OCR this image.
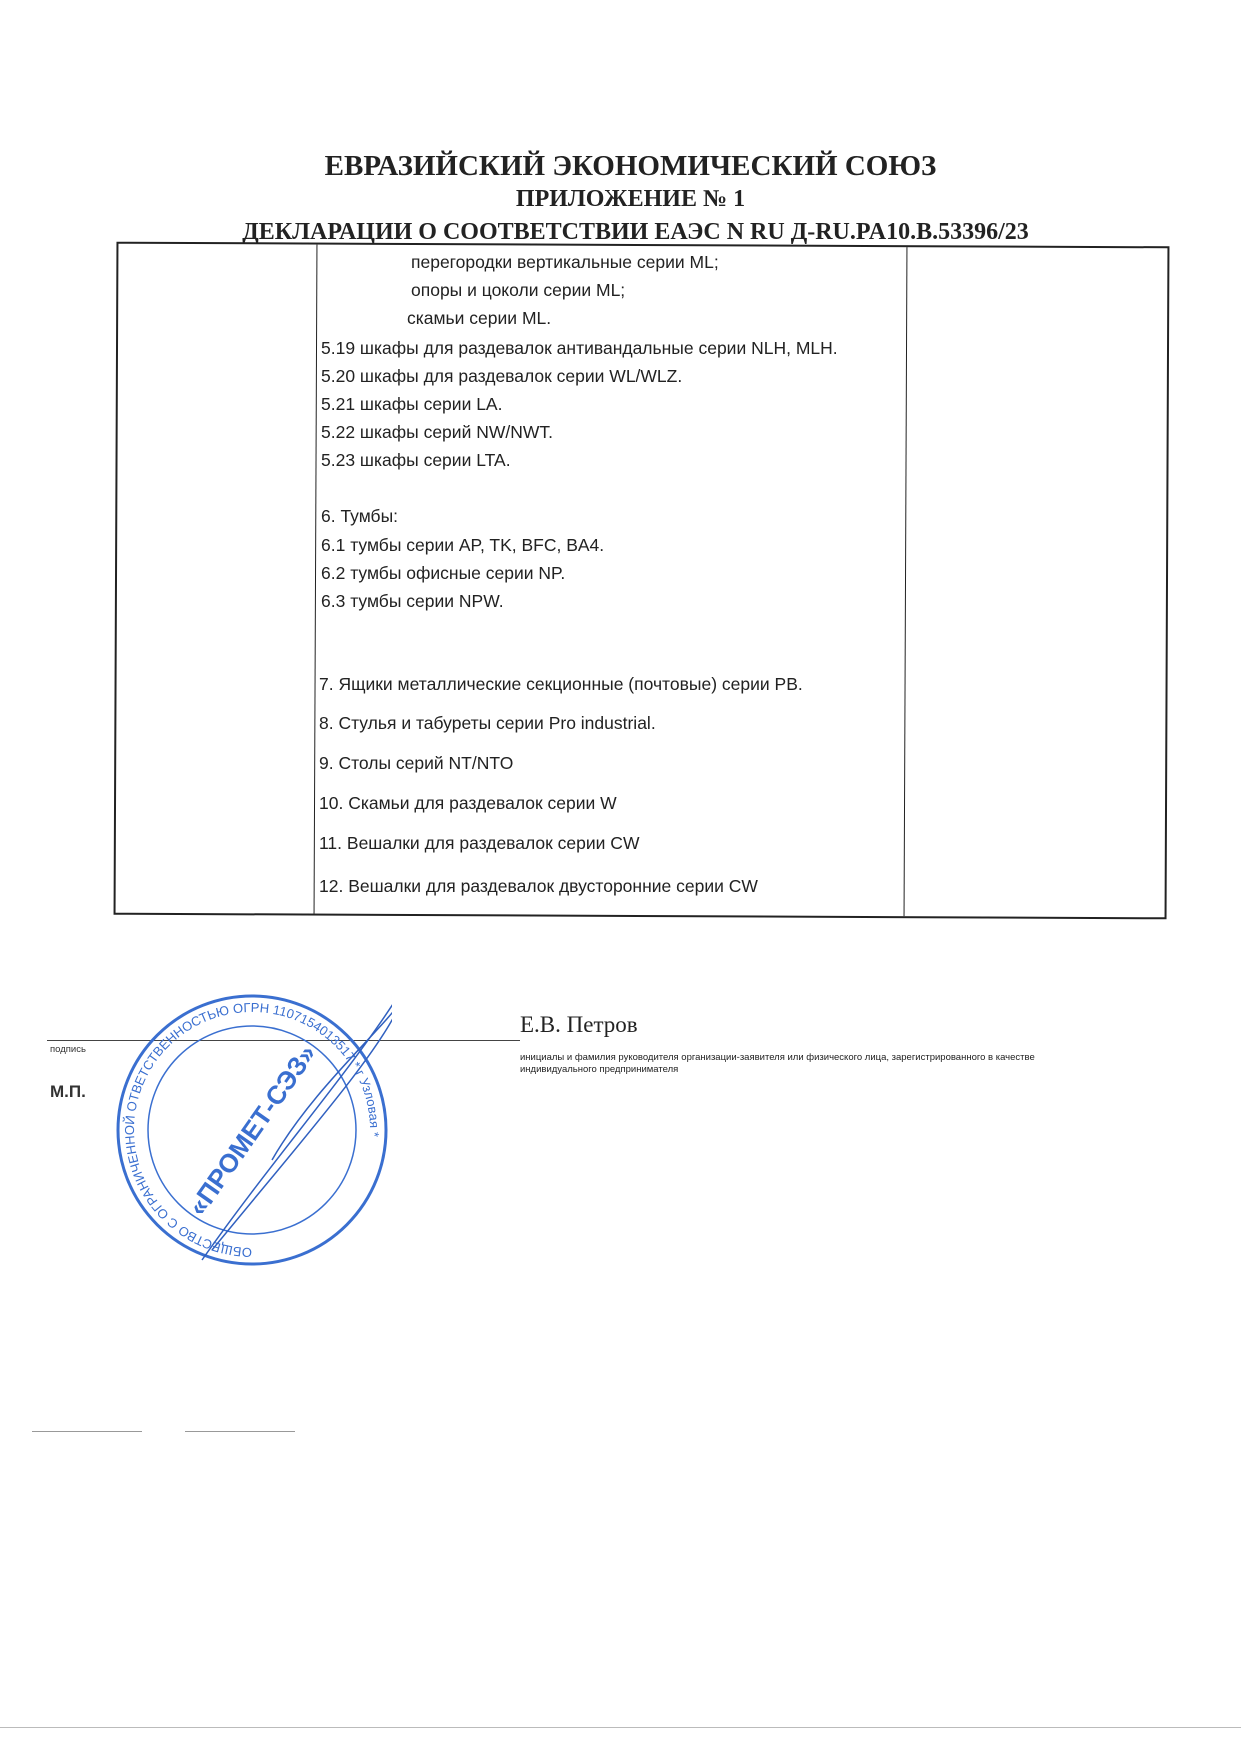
ЕВРАЗИЙСКИЙ ЭКОНОМИЧЕСКИЙ СОЮЗ
ПРИЛОЖЕНИЕ № 1
ДЕКЛАРАЦИИ О СООТВЕТСТВИИ ЕАЭС N RU Д-RU.PA10.B.53396/23
перегородки вертикальные серии ML;
опоры и цоколи серии ML;
скамьи серии ML.
5.19 шкафы для раздевалок антивандальные серии NLH, MLH.
5.20 шкафы для раздевалок серии WL/WLZ.
5.21 шкафы серии LA.
5.22 шкафы серий NW/NWT.
5.23 шкафы серии LTA.
6. Тумбы:
6.1 тумбы серии AP, TK, BFC, BA4.
6.2 тумбы офисные серии NP.
6.3 тумбы серии NPW.
7. Ящики металлические секционные (почтовые) серии PB.
8. Стулья и табуреты серии Pro industrial.
9. Столы серий NT/NTO
10. Скамьи для раздевалок серии W
11. Вешалки для раздевалок серии CW
12. Вешалки для раздевалок двусторонние серии CW
подпись
М.П.
Е.В. Петров
инициалы и фамилия руководителя организации-заявителя или физического лица, зарегистрированного в качестве индивидуального предпринимателя
ОБЩЕСТВО С ОГРАНИЧЕННОЙ ОТВЕТСТВЕННОСТЬЮ ОГРН 1107154013517 * г Узловая *
«ПРОМЕТ-СЭЗ»
